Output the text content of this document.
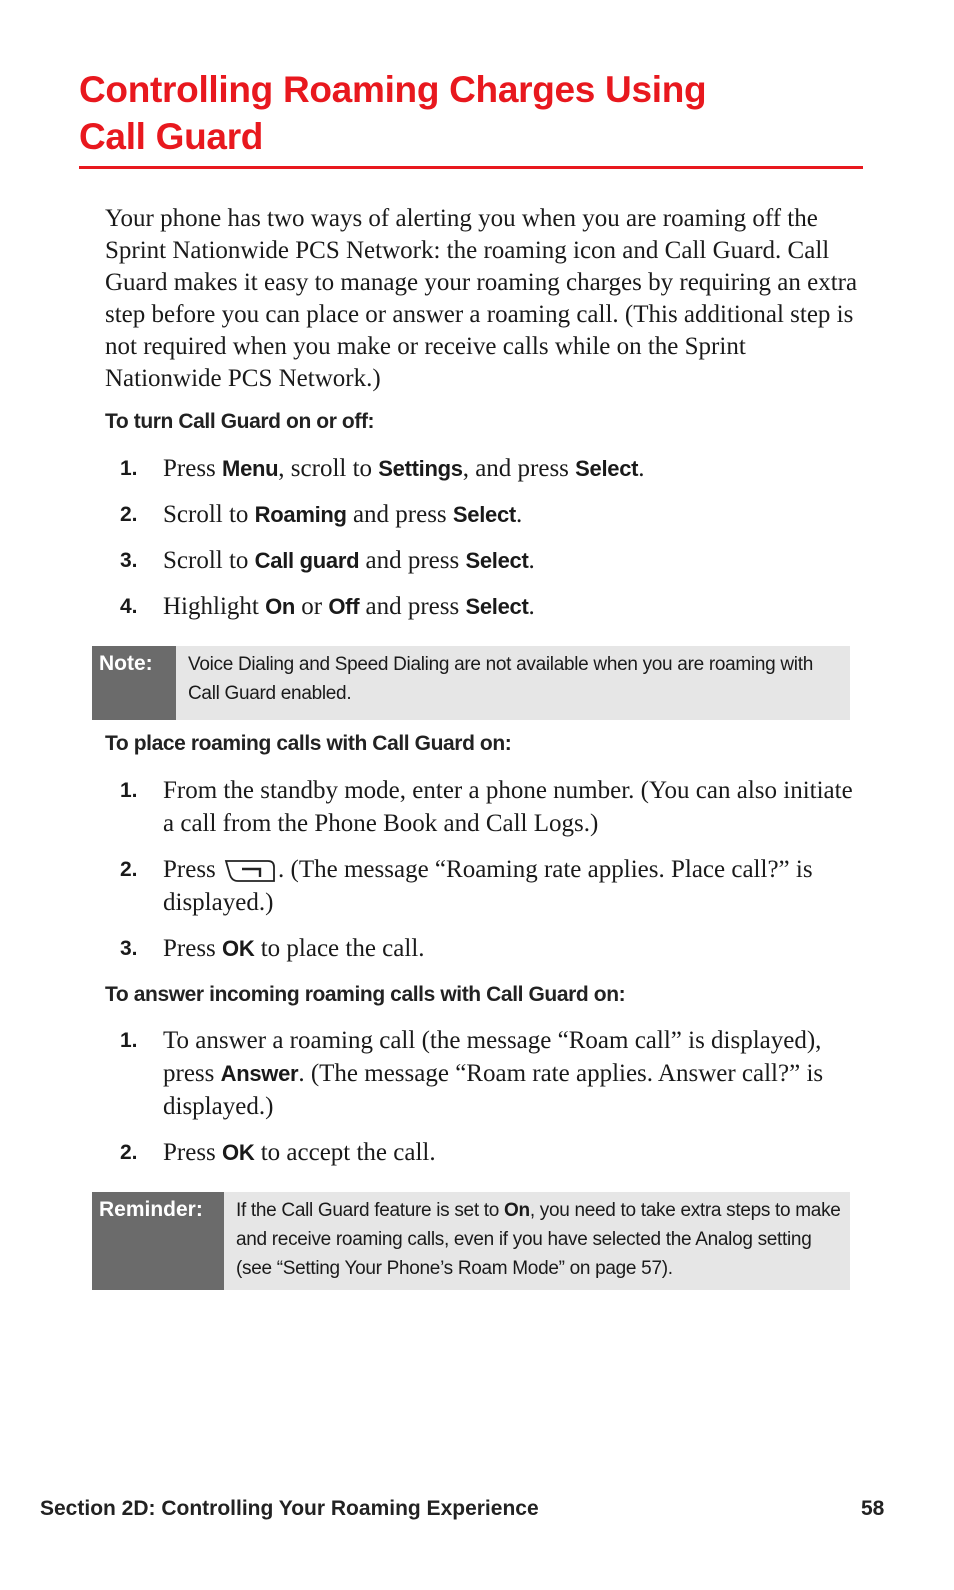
Controlling Roaming Charges Using
Call Guard

Your phone has two ways of alerting you when you are roaming off the Sprint Nationwide PCS Network: the roaming icon and Call Guard. Call Guard makes it easy to manage your roaming charges by requiring an extra step before you can place or answer a roaming call. (This additional step is not required when you make or receive calls while on the Sprint Nationwide PCS Network.)

To turn Call Guard on or off:
1. Press Menu, scroll to Settings, and press Select.
2. Scroll to Roaming and press Select.
3. Scroll to Call guard and press Select.
4. Highlight On or Off and press Select.
Note:	Voice Dialing and Speed Dialing are not available when you are roaming with Call Guard enabled.
To place roaming calls with Call Guard on:
1. From the standby mode, enter a phone number. (You can also initiate a call from the Phone Book and Call Logs.)
2. Press . (The message “Roaming rate applies. Place call?” is displayed.)
3. Press OK to place the call.
To answer incoming roaming calls with Call Guard on:
1. To answer a roaming call (the message “Roam call” is displayed), press Answer. (The message “Roam rate applies. Answer call?” is displayed.)
2. Press OK to accept the call.
Reminder:	If the Call Guard feature is set to On, you need to take extra steps to make and receive roaming calls, even if you have selected the Analog setting (see “Setting Your Phone’s Roam Mode” on page 57).
Section 2D: Controlling Your Roaming Experience	58
